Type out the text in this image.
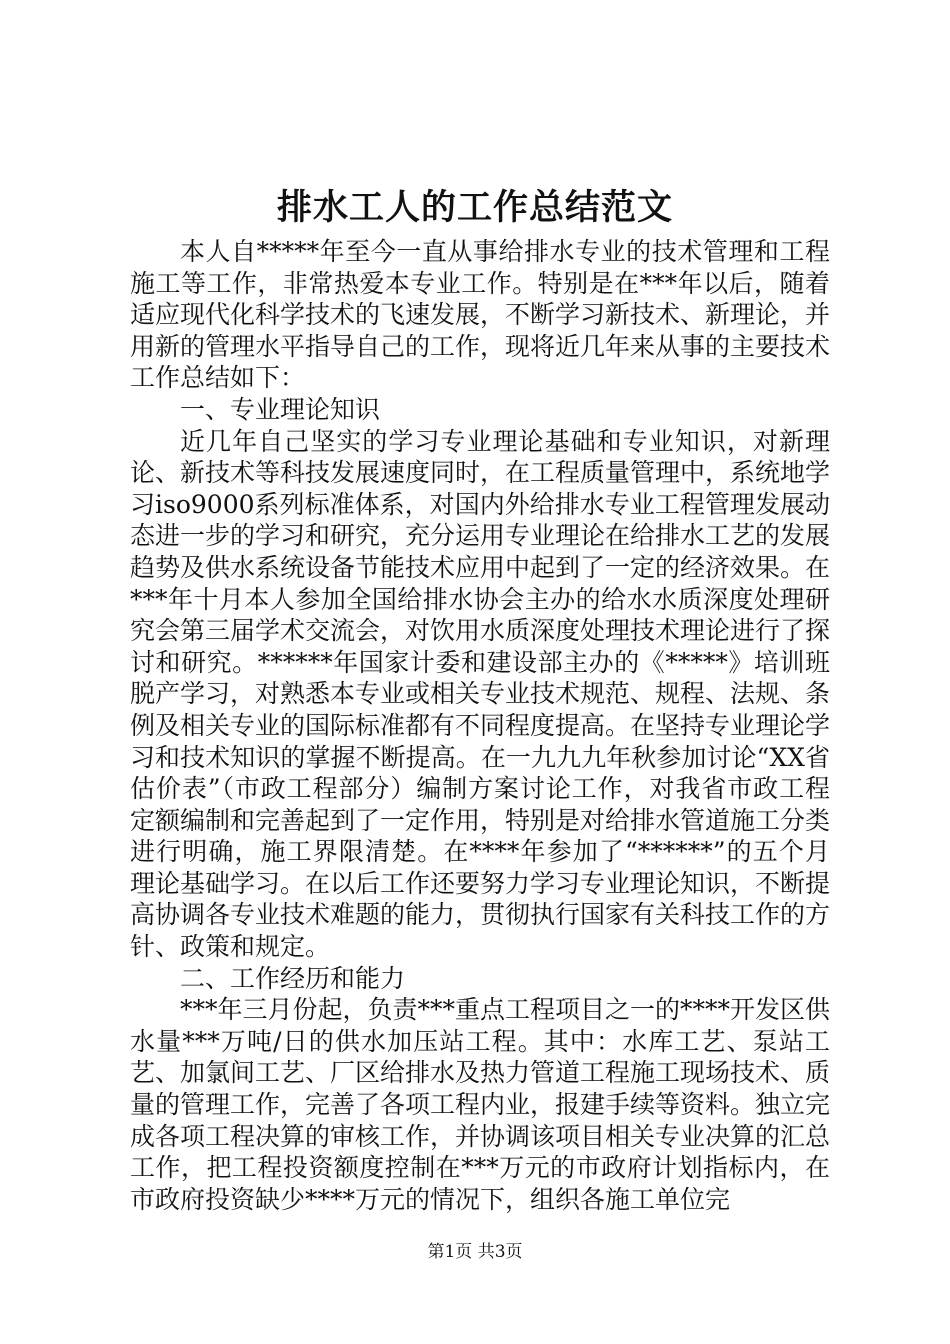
排水工人的工作总结范文

本人自*****年至今一直从事给排水专业的技术管理和工程施工等工作，非常热爱本专业工作。特别是在***年以后，随着适应现代化科学技术的飞速发展，不断学习新技术、新理论，并用新的管理水平指导自己的工作，现将近几年来从事的主要技术工作总结如下：

一、专业理论知识

近几年自己坚实的学习专业理论基础和专业知识，对新理论、新技术等科技发展速度同时，在工程质量管理中，系统地学习iso9000系列标准体系，对国内外给排水专业工程管理发展动态进一步的学习和研究，充分运用专业理论在给排水工艺的发展趋势及供水系统设备节能技术应用中起到了一定的经济效果。在***年十月本人参加全国给排水协会主办的给水水质深度处理研究会第三届学术交流会，对饮用水质深度处理技术理论进行了探讨和研究。******年国家计委和建设部主办的《*****》培训班脱产学习，对熟悉本专业或相关专业技术规范、规程、法规、条例及相关专业的国际标准都有不同程度提高。在坚持专业理论学习和技术知识的掌握不断提高。在一九九九年秋参加讨论“XX省估价表”（市政工程部分）编制方案讨论工作，对我省市政工程定额编制和完善起到了一定作用，特别是对给排水管道施工分类进行明确，施工界限清楚。在****年参加了“******”的五个月理论基础学习。在以后工作还要努力学习专业理论知识，不断提高协调各专业技术难题的能力，贯彻执行国家有关科技工作的方针、政策和规定。

二、工作经历和能力

***年三月份起，负责***重点工程项目之一的****开发区供水量***万吨/日的供水加压站工程。其中：水库工艺、泵站工艺、加氯间工艺、厂区给排水及热力管道工程施工现场技术、质量的管理工作，完善了各项工程内业，报建手续等资料。独立完成各项工程决算的审核工作，并协调该项目相关专业决算的汇总工作，把工程投资额度控制在***万元的市政府计划指标内，在市政府投资缺少****万元的情况下，组织各施工单位完

第1页 共3页
